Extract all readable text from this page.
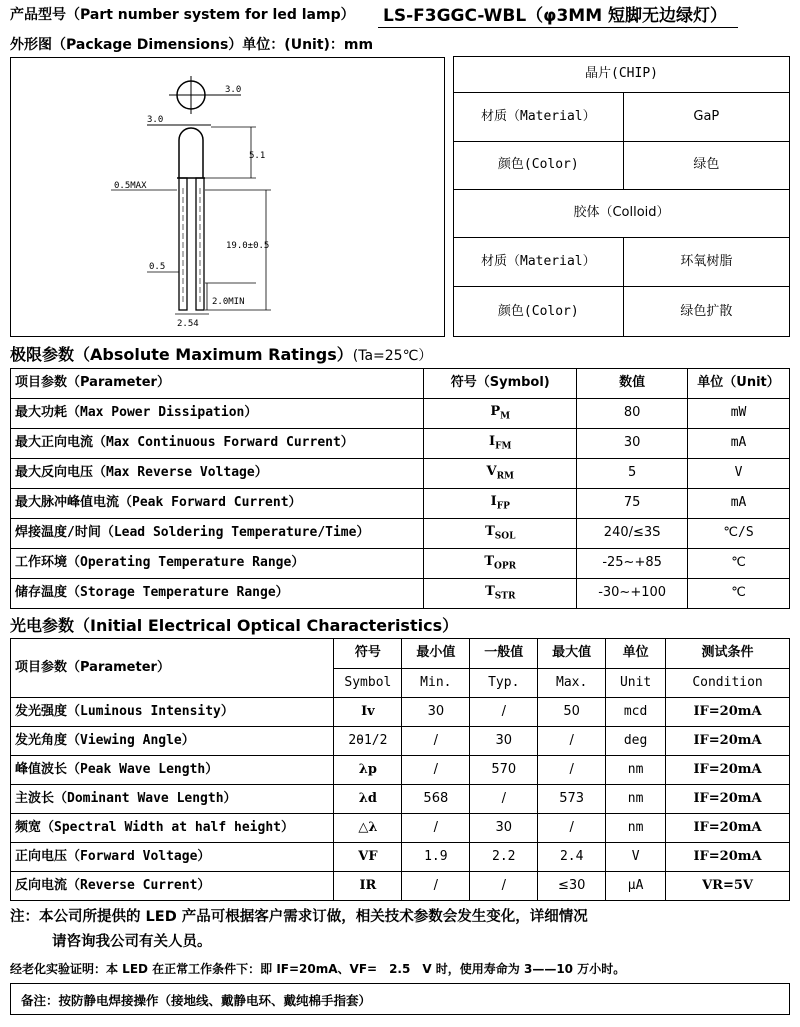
产品型号（Part number system for led lamp） LS-F3GGC-WBL（φ3MM 短脚无边绿灯）
外形图（Package Dimensions）单位：(Unit)：mm
3.0
3.0
5.1
0.5MAX
19.0±0.5
0.5
2.0MIN
2.54
晶片(CHIP)	
材质（Material）	GaP
颜色(Color)	绿色
胶体（Colloid）	
材质（Material）	环氧树脂
颜色(Color)	绿色扩散
极限参数（Absolute Maximum Ratings）(Ta=25℃）
项目参数（Parameter）	符号（Symbol)	数值	单位（Unit）
最大功耗（Max Power Dissipation）	$P_M$	80	mW
最大正向电流（Max Continuous Forward Current）	$I_{FM}$	30	mA
最大反向电压（Max Reverse Voltage）	$V_{RM}$	5	V
最大脉冲峰值电流（Peak Forward Current）	$I_{FP}$	75	mA
焊接温度/时间（Lead Soldering Temperature/Time）	$T_{SOL}$	240/≤3S	℃/S
工作环境（Operating Temperature Range）	$T_{OPR}$	-25~+85	℃
储存温度（Storage Temperature Range）	$T_{STR}$	-30~+100	℃
光电参数（Initial Electrical Optical Characteristics）
项目参数（Parameter）	符号	最小值	一般值	最大值	单位	测试条件
	Symbol	Min.	Typ.	Max.	Unit	Condition
发光强度（Luminous Intensity）	Iv	30	/	50	mcd	IF=20mA
发光角度（Viewing Angle）	2θ1/2	/	30	/	deg	IF=20mA
峰值波长（Peak Wave Length）	λp	/	570	/	nm	IF=20mA
主波长（Dominant Wave Length）	λd	568	/	573	nm	IF=20mA
频宽（Spectral Width at half height）	△λ	/	30	/	nm	IF=20mA
正向电压（Forward Voltage）	VF	1.9	2.2	2.4	V	IF=20mA
反向电流（Reverse Current）	IR	/	/	≤30	μA	VR=5V
注：本公司所提供的 LED 产品可根据客户需求订做，相关技术参数会发生变化，详细情况
请咨询我公司有关人员。
经老化实验证明：本 LED 在正常工作条件下：即 IF=20mA、VF=　2.5　V 时，使用寿命为 3——10 万小时。
备注：按防静电焊接操作（接地线、戴静电环、戴纯棉手指套）
